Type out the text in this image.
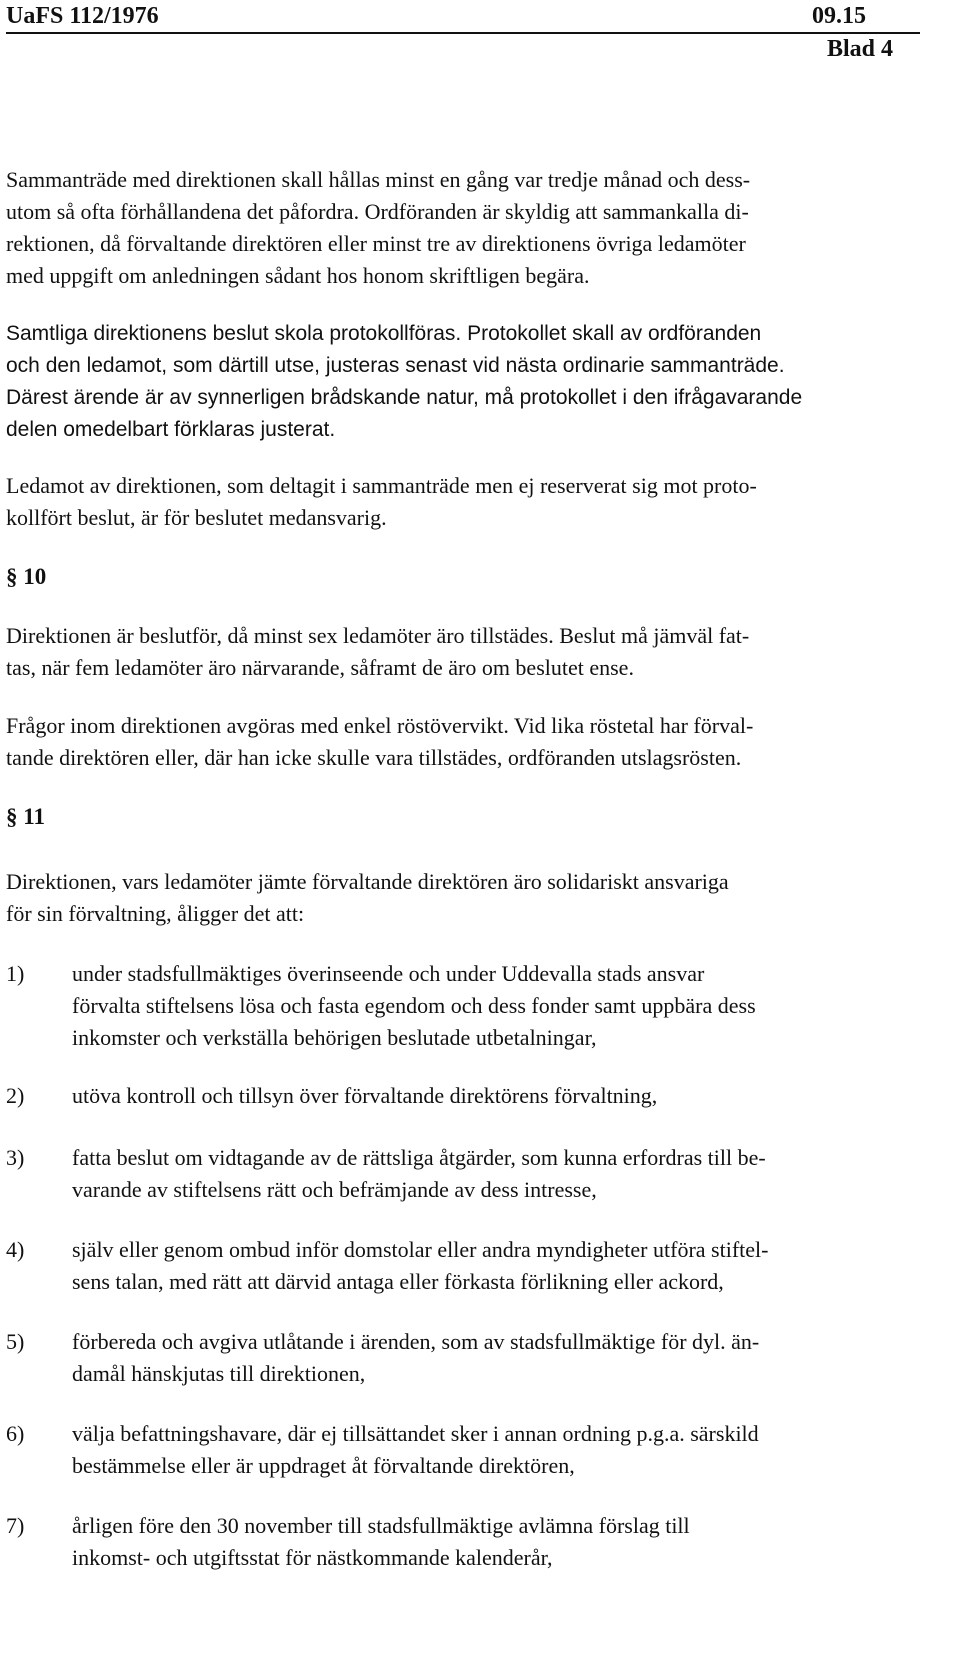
UaFS 112/1976	09.15
Blad 4

Sammanträde med direktionen skall hållas minst en gång var tredje månad och dess-
utom så ofta förhållandena det påfordra. Ordföranden är skyldig att sammankalla di-
rektionen, då förvaltande direktören eller minst tre av direktionens övriga ledamöter
med uppgift om anledningen sådant hos honom skriftligen begära.

Samtliga direktionens beslut skola protokollföras. Protokollet skall av ordföranden
och den ledamot, som därtill utse, justeras senast vid nästa ordinarie sammanträde.
Därest ärende är av synnerligen brådskande natur, må protokollet i den ifrågavarande
delen omedelbart förklaras justerat.

Ledamot av direktionen, som deltagit i sammanträde men ej reserverat sig mot proto-
kollfört beslut, är för beslutet medansvarig.

§ 10

Direktionen är beslutför, då minst sex ledamöter äro tillstädes. Beslut må jämväl fat-
tas, när fem ledamöter äro närvarande, såframt de äro om beslutet ense.

Frågor inom direktionen avgöras med enkel röstövervikt. Vid lika röstetal har förval-
tande direktören eller, där han icke skulle vara tillstädes, ordföranden utslagsrösten.

§ 11

Direktionen, vars ledamöter jämte förvaltande direktören äro solidariskt ansvariga
för sin förvaltning, åligger det att:

1) under stadsfullmäktiges överinseende och under Uddevalla stads ansvar
förvalta stiftelsens lösa och fasta egendom och dess fonder samt uppbära dess
inkomster och verkställa behörigen beslutade utbetalningar,
2) utöva kontroll och tillsyn över förvaltande direktörens förvaltning,
3) fatta beslut om vidtagande av de rättsliga åtgärder, som kunna erfordras till be-
varande av stiftelsens rätt och befrämjande av dess intresse,
4) själv eller genom ombud inför domstolar eller andra myndigheter utföra stiftel-
sens talan, med rätt att därvid antaga eller förkasta förlikning eller ackord,
5) förbereda och avgiva utlåtande i ärenden, som av stadsfullmäktige för dyl. än-
damål hänskjutas till direktionen,
6) välja befattningshavare, där ej tillsättandet sker i annan ordning p.g.a. särskild
bestämmelse eller är uppdraget åt förvaltande direktören,
7) årligen före den 30 november till stadsfullmäktige avlämna förslag till
inkomst- och utgiftsstat för nästkommande kalenderår,
